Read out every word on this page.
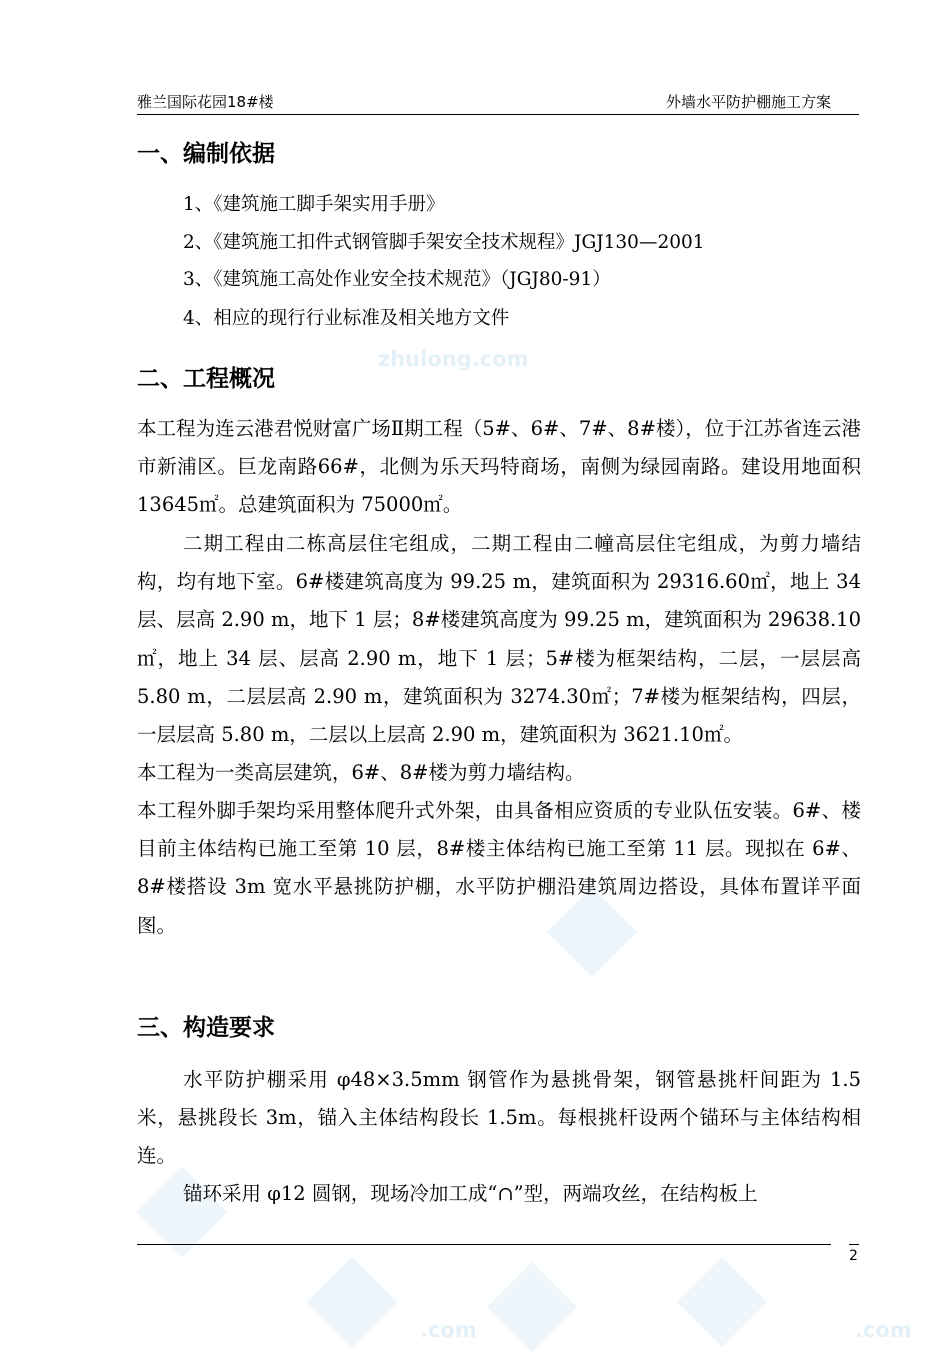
zhulong.com
.com	.com
雅兰国际花园18#楼	外墙水平防护棚施工方案
一、编制依据
1、《建筑施工脚手架实用手册》
2、《建筑施工扣件式钢管脚手架安全技术规程》JGJ130—2001
3、《建筑施工高处作业安全技术规范》（JGJ80-91）
4、相应的现行行业标准及相关地方文件
二、工程概况
本工程为连云港君悦财富广场Ⅱ期工程（5#、6#、7#、8#楼），位于江苏省连云港市新浦区。巨龙南路66#，北侧为乐天玛特商场，南侧为绿园南路。建设用地面积 13645㎡。总建筑面积为 75000㎡。
二期工程由二栋高层住宅组成，二期工程由二幢高层住宅组成，为剪力墙结构，均有地下室。6#楼建筑高度为 99.25 m，建筑面积为 29316.60㎡，地上 34 层、层高 2.90 m，地下 1 层；8#楼建筑高度为 99.25 m，建筑面积为 29638.10㎡，地上 34 层、层高 2.90 m，地下 1 层；5#楼为框架结构，二层，一层层高 5.80 m，二层层高 2.90 m，建筑面积为 3274.30㎡；7#楼为框架结构，四层，一层层高 5.80 m，二层以上层高 2.90 m，建筑面积为 3621.10㎡。
本工程为一类高层建筑，6#、8#楼为剪力墙结构。
本工程外脚手架均采用整体爬升式外架，由具备相应资质的专业队伍安装。6#、楼目前主体结构已施工至第 10 层，8#楼主体结构已施工至第 11 层。现拟在 6#、8#楼搭设 3m 宽水平悬挑防护棚，水平防护棚沿建筑周边搭设，具体布置详平面图。
三、构造要求
水平防护棚采用 φ48×3.5mm 钢管作为悬挑骨架，钢管悬挑杆间距为 1.5 米，悬挑段长 3m，锚入主体结构段长 1.5m。每根挑杆设两个锚环与主体结构相连。
锚环采用 φ12 圆钢，现场冷加工成“∩”型，两端攻丝，在结构板上
2
